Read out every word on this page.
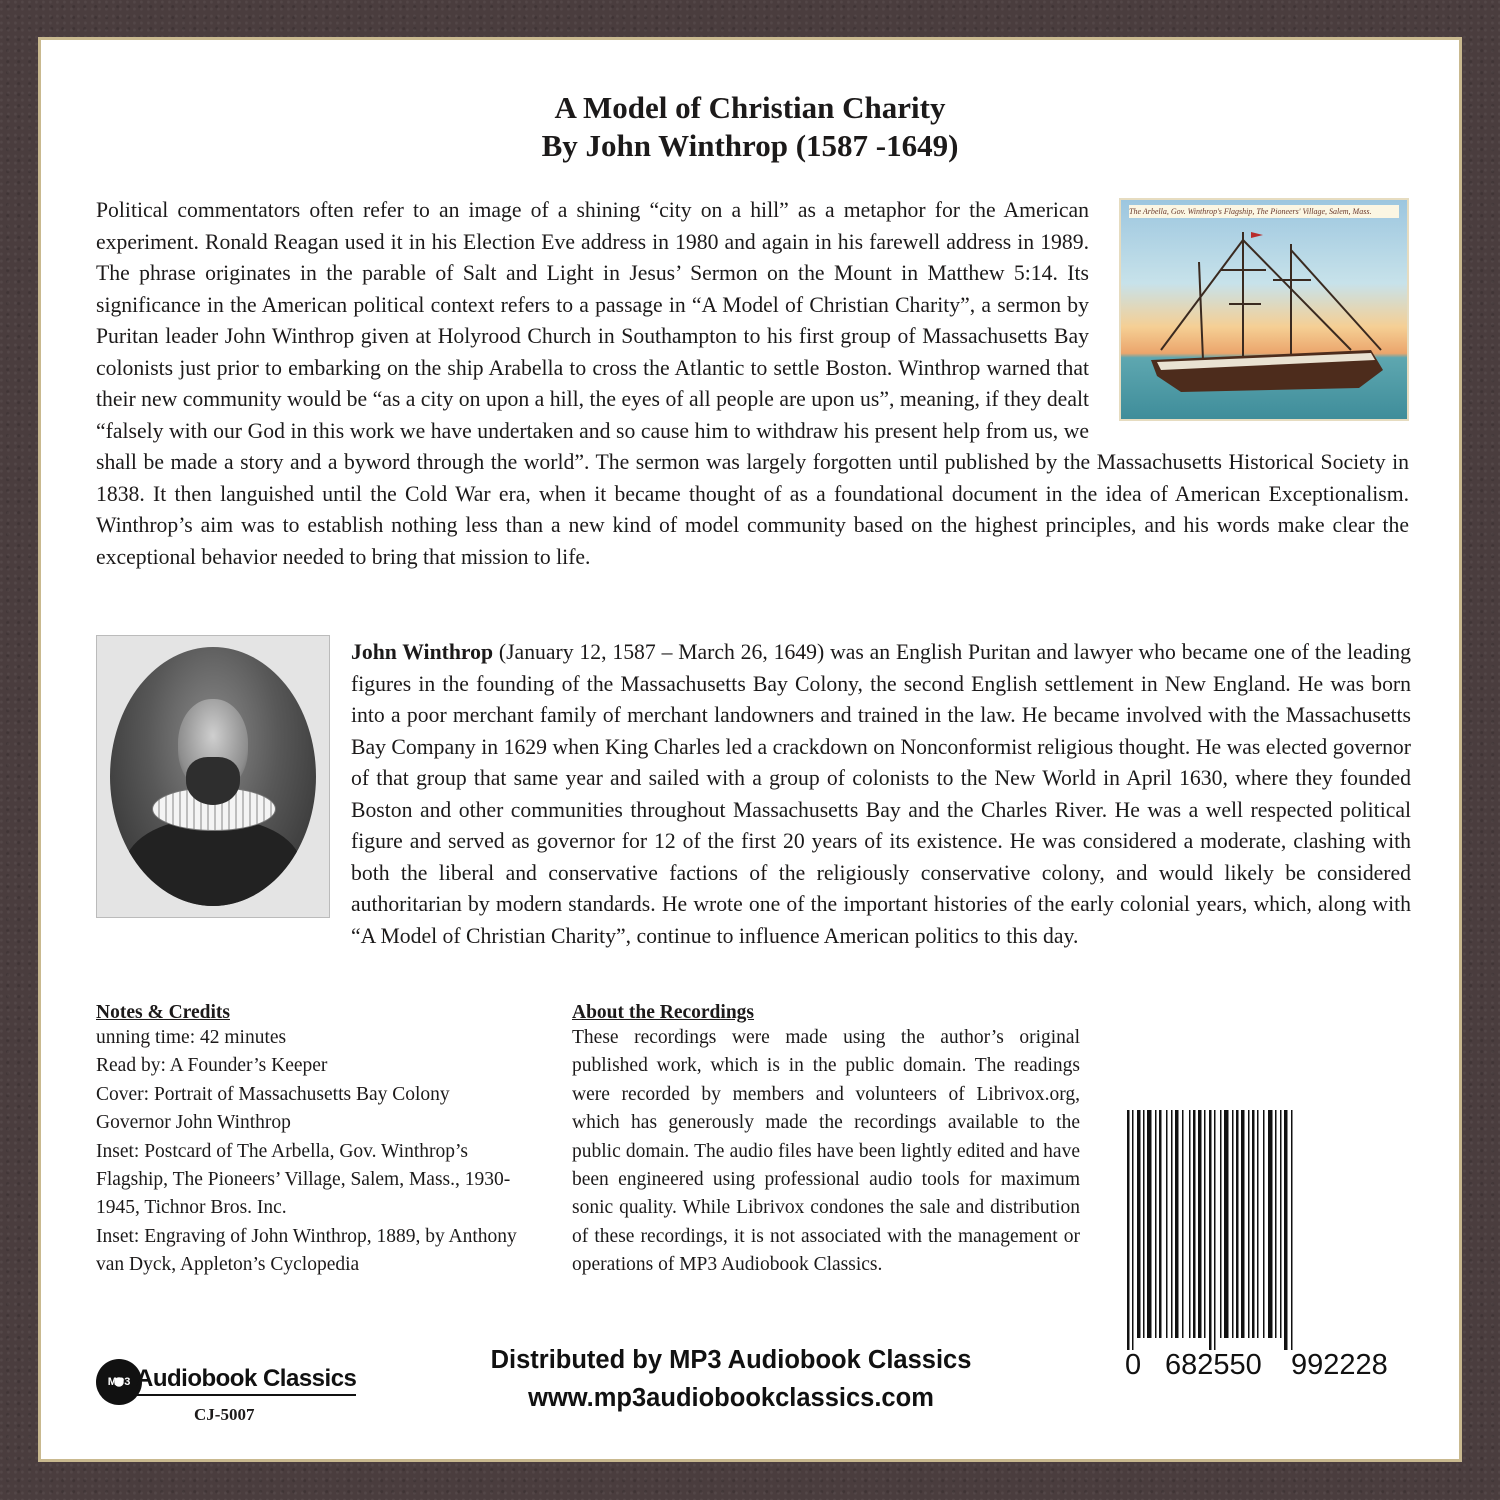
A Model of Christian Charity
By John Winthrop (1587 -1649)
The Arbella, Gov. Winthrop's Flagship, The Pioneers' Village, Salem, Mass.
Political commentators often refer to an image of a shining “city on a hill” as a metaphor for the American experiment. Ronald Reagan used it in his Election Eve address in 1980 and again in his farewell address in 1989. The phrase originates in the parable of Salt and Light in Jesus’ Sermon on the Mount in Matthew 5:14. Its significance in the American political context refers to a passage in “A Model of Christian Charity”, a sermon by Puritan leader John Winthrop given at Holyrood Church in Southampton to his first group of Massachusetts Bay colonists just prior to embarking on the ship Arabella to cross the Atlantic to settle Boston. Winthrop warned that their new community would be “as a city on upon a hill, the eyes of all people are upon us”, meaning, if they dealt “falsely with our God in this work we have undertaken and so cause him to withdraw his present help from us, we shall be made a story and a byword through the world”. The sermon was largely forgotten until published by the Massachusetts Historical Society in 1838. It then languished until the Cold War era, when it became thought of as a foundational document in the idea of American Exceptionalism. Winthrop’s aim was to establish nothing less than a new kind of model community based on the highest principles, and his words make clear the exceptional behavior needed to bring that mission to life.
John Winthrop (January 12, 1587 – March 26, 1649) was an English Puritan and lawyer who became one of the leading figures in the founding of the Massachusetts Bay Colony, the second English settlement in New England. He was born into a poor merchant family of merchant landowners and trained in the law. He became involved with the Massachusetts Bay Company in 1629 when King Charles led a crackdown on Nonconformist religious thought. He was elected governor of that group that same year and sailed with a group of colonists to the New World in April 1630, where they founded Boston and other communities throughout Massachusetts Bay and the Charles River. He was a well respected political figure and served as governor for 12 of the first 20 years of its existence. He was considered a moderate, clashing with both the liberal and conservative factions of the religiously conservative colony, and would likely be considered authoritarian by modern standards. He wrote one of the important histories of the early colonial years, which, along with “A Model of Christian Charity”, continue to influence American politics to this day.
Notes & Credits
unning time: 42 minutes
Read by: A Founder’s Keeper
Cover: Portrait of Massachusetts Bay Colony Governor John Winthrop
Inset: Postcard of The Arbella, Gov. Winthrop’s Flagship, The Pioneers’ Village, Salem, Mass., 1930-1945, Tichnor Bros. Inc.
Inset: Engraving of John Winthrop, 1889, by Anthony van Dyck, Appleton’s Cyclopedia
About the Recordings
These recordings were made using the author’s original published work, which is in the public domain. The readings were recorded by members and volunteers of Librivox.org, which has generously made the recordings available to the public domain. The audio files have been lightly edited and have been engineered using professional audio tools for maximum sonic quality. While Librivox condones the sale and distribution of these recordings, it is not associated with the management or operations of MP3 Audiobook Classics.
MP3 Audiobook Classics
CJ-5007
Distributed by MP3 Audiobook Classics
www.mp3audiobookclassics.com
0 682550 992228
